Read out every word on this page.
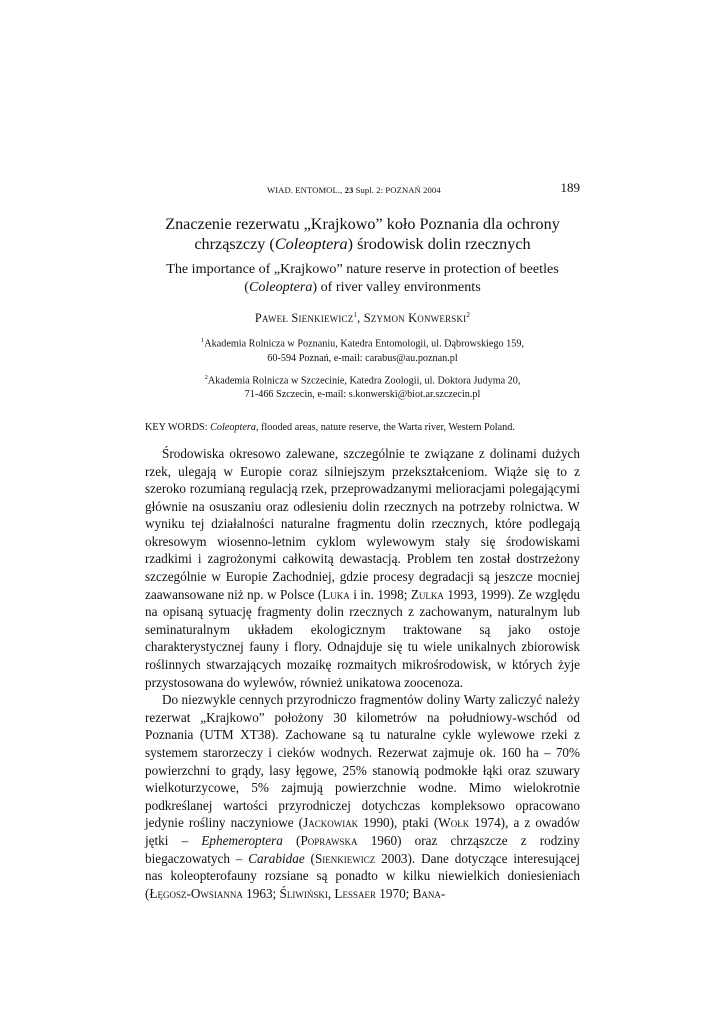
WIAD. ENTOMOL., 23 Supl. 2: POZNAŃ 2004	189
Znaczenie rezerwatu „Krajkowo” koło Poznania dla ochrony
chrząszczy (Coleoptera) środowisk dolin rzecznych
The importance of „Krajkowo” nature reserve in protection of beetles
(Coleoptera) of river valley environments
Paweł Sienkiewicz$^1$, Szymon Konwerski$^2$
$^1$Akademia Rolnicza w Poznaniu, Katedra Entomologii, ul. Dąbrowskiego 159,
60-594 Poznań, e-mail: carabus@au.poznan.pl
$^2$Akademia Rolnicza w Szczecinie, Katedra Zoologii, ul. Doktora Judyma 20,
71-466 Szczecin, e-mail: s.konwerski@biot.ar.szczecin.pl
KEY WORDS: Coleoptera, flooded areas, nature reserve, the Warta river, Western Poland.

Środowiska okresowo zalewane, szczególnie te związane z dolinami dużych rzek, ulegają w Europie coraz silniejszym przekształceniom. Wiąże się to z szeroko rozumianą regulacją rzek, przeprowadzanymi melioracjami polegającymi głównie na osuszaniu oraz odlesieniu dolin rzecznych na potrzeby rolnictwa. W wyniku tej działalności naturalne fragmentu dolin rzecznych, które podlegają okresowym wiosenno-letnim cyklom wylewowym stały się środowiskami rzadkimi i zagrożonymi całkowitą dewastacją. Problem ten został dostrzeżony szczególnie w Europie Zachodniej, gdzie procesy degradacji są jeszcze mocniej zaawansowane niż np. w Polsce (Luka i in. 1998; Zulka 1993, 1999). Ze względu na opisaną sytuację fragmenty dolin rzecznych z zachowanym, naturalnym lub seminaturalnym układem ekologicznym traktowane są jako ostoje charakterystycznej fauny i flory. Odnajduje się tu wiele unikalnych zbiorowisk roślinnych stwarzających mozaikę rozmaitych mikrośrodowisk, w których żyje przystosowana do wylewów, również unikatowa zoocenoza.

Do niezwykle cennych przyrodniczo fragmentów doliny Warty zaliczyć należy rezerwat „Krajkowo” położony 30 kilometrów na południowy-wschód od Poznania (UTM XT38). Zachowane są tu naturalne cykle wylewowe rzeki z systemem starorzeczy i cieków wodnych. Rezerwat zajmuje ok. 160 ha – 70% powierzchni to grądy, lasy łęgowe, 25% stanowią podmokłe łąki oraz szuwary wielkoturzycowe, 5% zajmują powierzchnie wodne. Mimo wielokrotnie podkreślanej wartości przyrodniczej dotychczas kompleksowo opracowano jedynie rośliny naczyniowe (Jackowiak 1990), ptaki (Wołk 1974), a z owadów jętki – Ephemeroptera (Poprawska 1960) oraz chrząszcze z rodziny biegaczowatych – Carabidae (Sienkiewicz 2003). Dane dotyczące interesującej nas koleopterofauny rozsiane są ponadto w kilku niewielkich doniesieniach (Łęgosz-Owsianna 1963; Śliwiński, Lessaer 1970; Bana-
